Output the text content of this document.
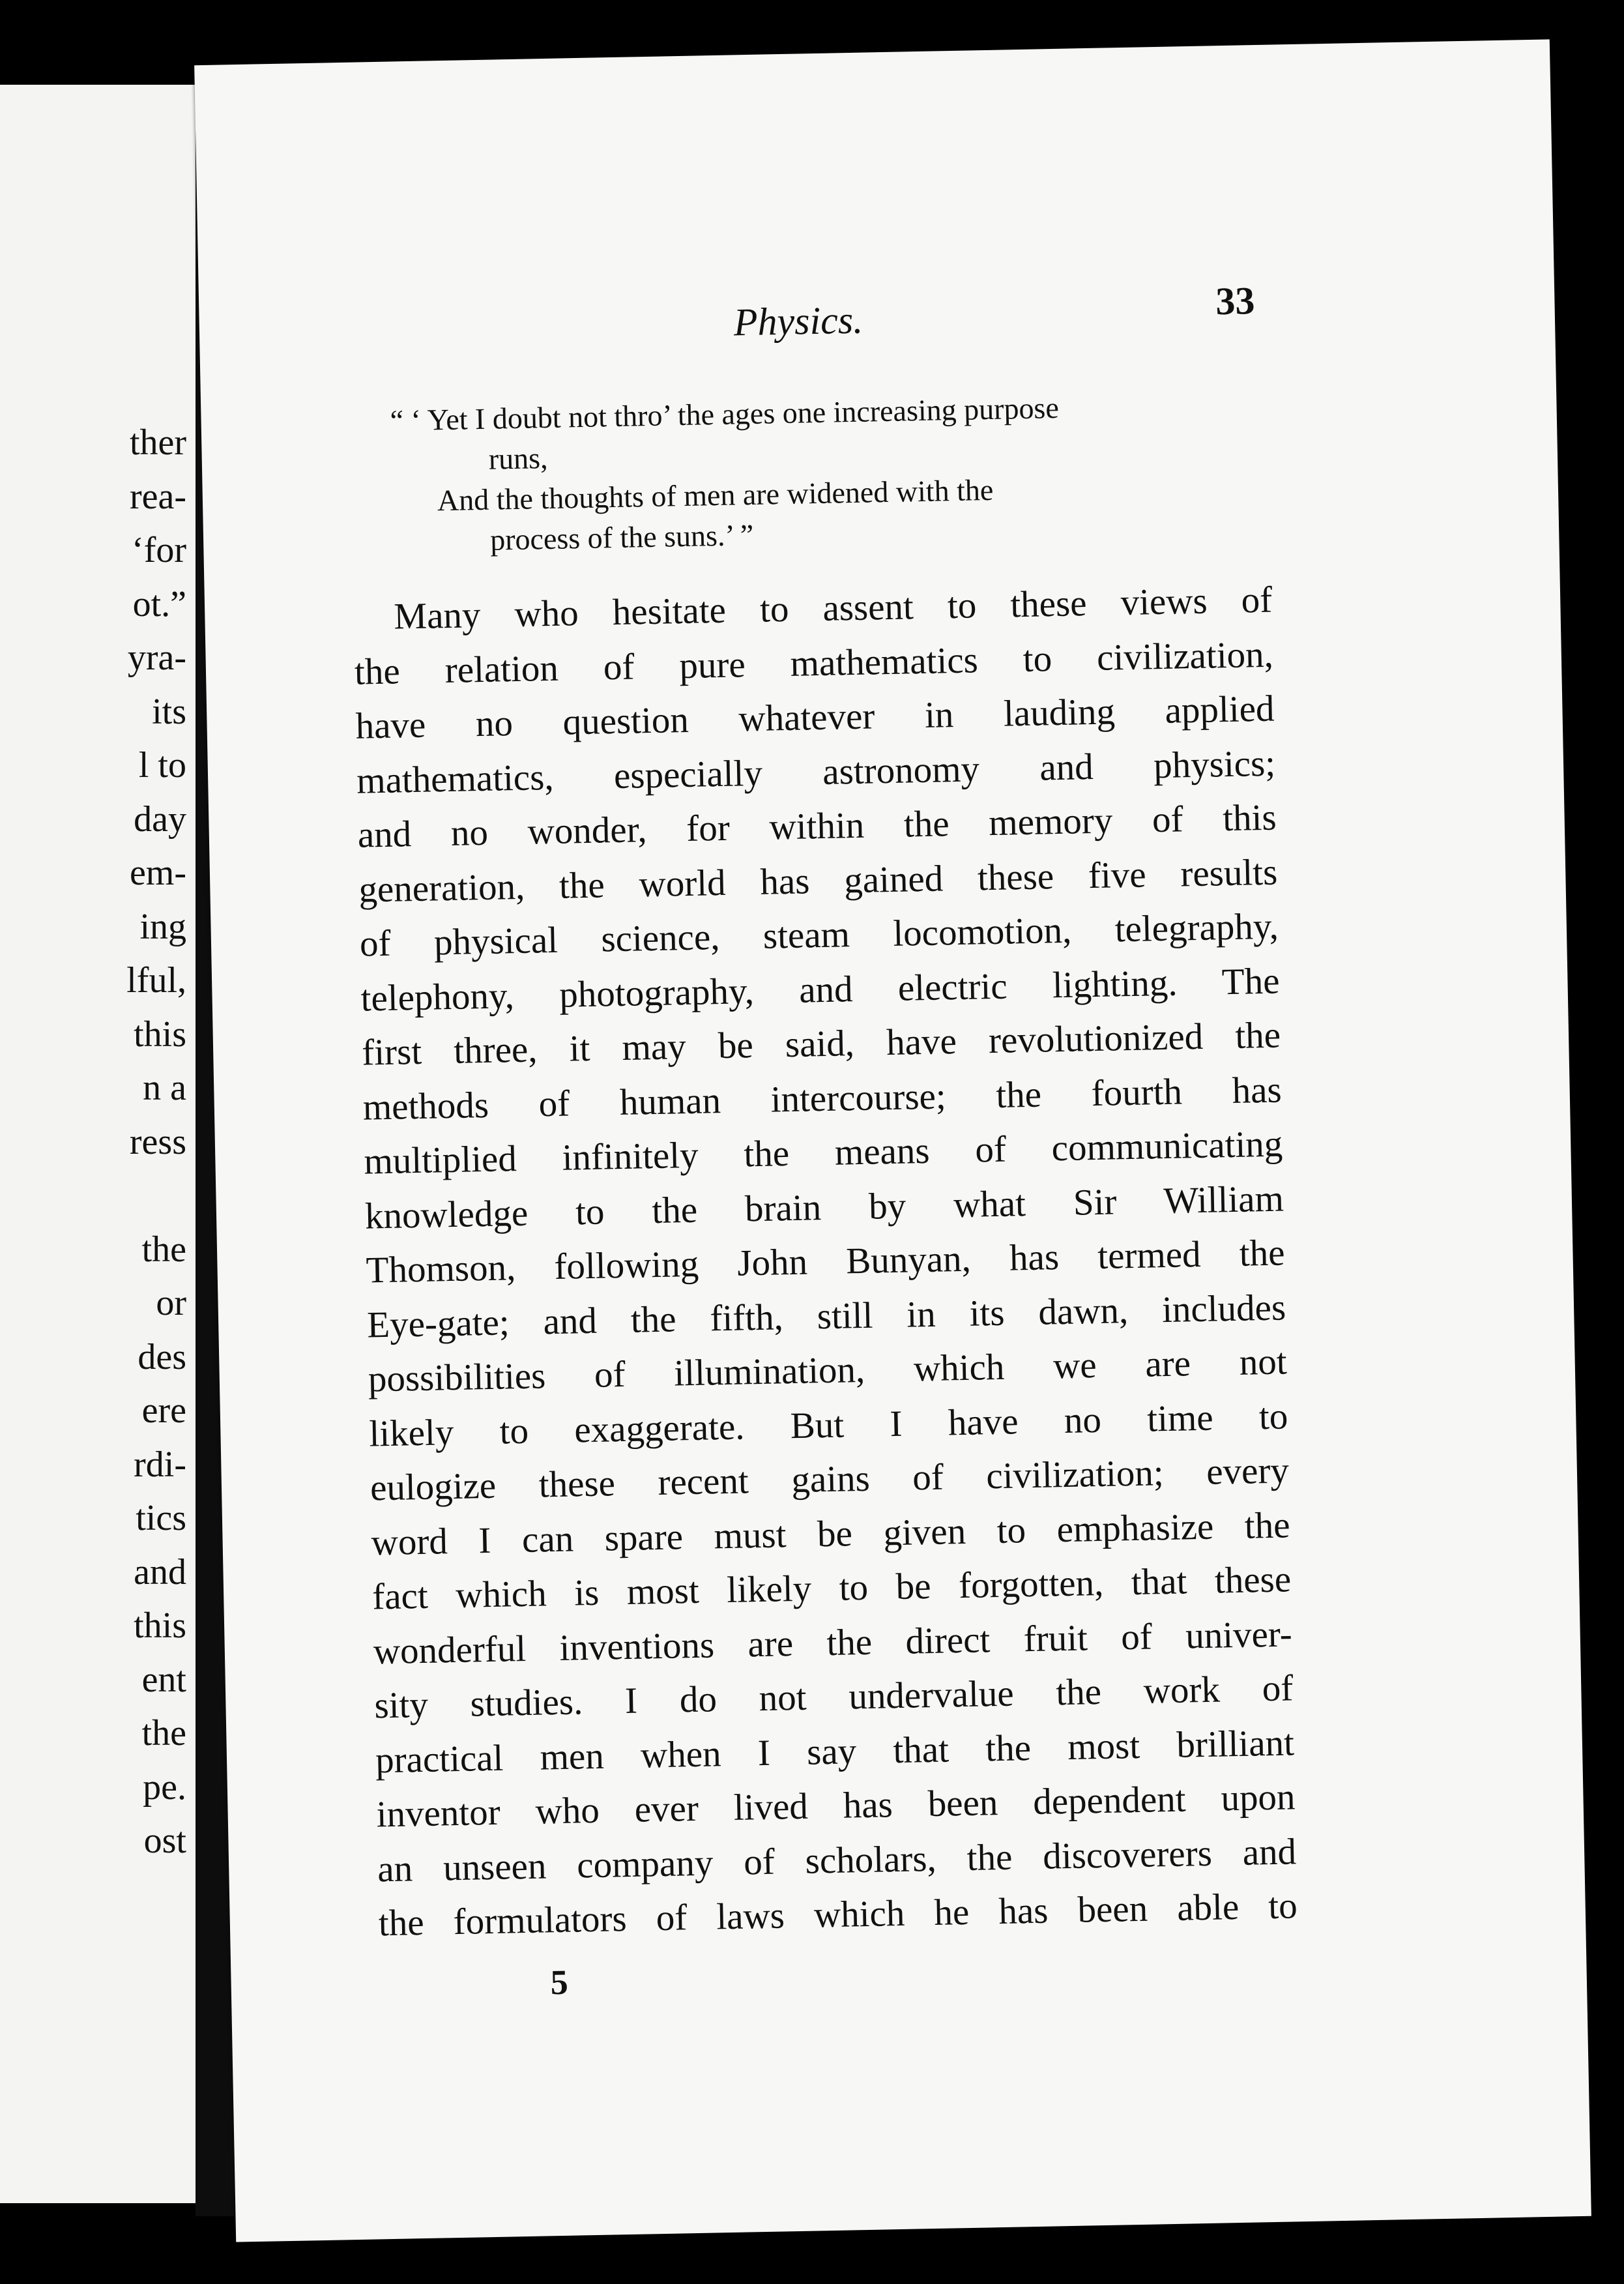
ther
rea-
‘for
ot.”
yra-
its
l to
day
em-
ing
lful,
this
n a
ress
the
or
des
ere
rdi-
tics
and
this
ent
the
pe.
ost
Physics.	33
“ ‘ Yet I doubt not thro’ the ages one increasing purpose
runs,
And the thoughts of men are widened with the
process of the suns.’ ”
Many who hesitate to assent to these views of
the relation of pure mathematics to civilization,
have no question whatever in lauding applied
mathematics, especially astronomy and physics;
and no wonder, for within the memory of this
generation, the world has gained these five results
of physical science, steam locomotion, telegraphy,
telephony, photography, and electric lighting. The
first three, it may be said, have revolutionized the
methods of human intercourse; the fourth has
multiplied infinitely the means of communicating
knowledge to the brain by what Sir William
Thomson, following John Bunyan, has termed the
Eye-gate; and the fifth, still in its dawn, includes
possibilities of illumination, which we are not
likely to exaggerate. But I have no time to
eulogize these recent gains of civilization; every
word I can spare must be given to emphasize the
fact which is most likely to be forgotten, that these
wonderful inventions are the direct fruit of univer-
sity studies. I do not undervalue the work of
practical men when I say that the most brilliant
inventor who ever lived has been dependent upon
an unseen company of scholars, the discoverers and
the formulators of laws which he has been able to
5
